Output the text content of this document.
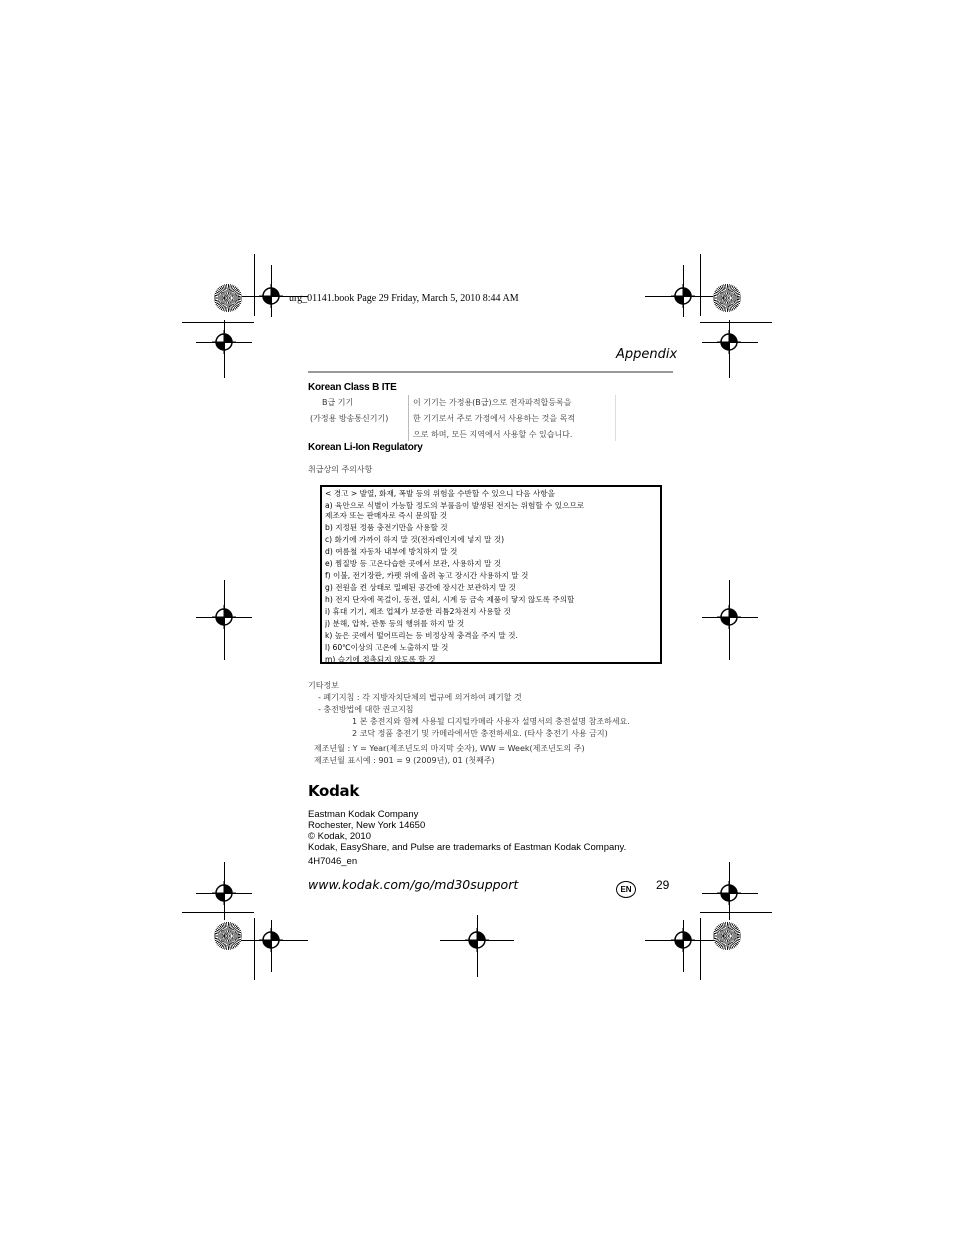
urg_01141.book Page 29 Friday, March 5, 2010 8:44 AM
Appendix
Korean Class B ITE
B급 기기
(가정용 방송통신기기)
이 기기는 가정용(B급)으로 전자파적합등록을
한 기기로서 주로 가정에서 사용하는 것을 목적
으로 하며, 모든 지역에서 사용할 수 있습니다.
Korean Li-Ion Regulatory
취급상의 주의사항
< 경고 > 발열, 화재, 폭발 등의 위험을 수반할 수 있으니 다음 사항을
a) 육안으로 식별이 가능할 정도의 부풀음이 발생된 전지는 위험할 수 있으므로
제조자 또는 판매자로 즉시 문의할 것
b) 지정된 정품 충전기만을 사용할 것
c) 화기에 가까이 하지 말 것(전자레인지에 넣지 말 것)
d) 여름철 자동차 내부에 방치하지 말 것
e) 찜질방 등 고온다습한 곳에서 보관, 사용하지 말 것
f) 이불, 전기장판, 카펫 위에 올려 놓고 장시간 사용하지 말 것
g) 전원을 켠 상태로 밀폐된 공간에 장시간 보관하지 말 것
h) 전지 단자에 목걸이, 동전, 열쇠, 시계 등 금속 제품이 닿지 않도록 주의할
i) 휴대 기기, 제조 업체가 보증한 리튬2차전지 사용할 것
j) 분해, 압착, 관통 등의 행위를 하지 말 것
k) 높은 곳에서 떨어뜨리는 등 비정상적 충격을 주지 말 것.
l) 60℃이상의 고온에 노출하지 말 것
m) 습기에 접촉되지 않도록 할 것
기타정보
- 폐기지침 : 각 지방자치단체의 법규에 의거하여 폐기할 것
- 충전방법에 대한 권고지침
1 본 충전지와 함께 사용될 디지털카메라 사용자 설명서의 충전설명 참조하세요.
2 코닥 정품 충전기 및 카메라에서만 충전하세요. (타사 충전기 사용 금지)
제조년월 : Y = Year(제조년도의 마지막 숫자), WW = Week(제조년도의 주)
제조년월 표시예 : 901 = 9 (2009년), 01 (첫째주)
Kodak
Eastman Kodak Company
Rochester, New York 14650
© Kodak, 2010
Kodak, EasyShare, and Pulse are trademarks of Eastman Kodak Company.
4H7046_en
www.kodak.com/go/md30support	EN	29
